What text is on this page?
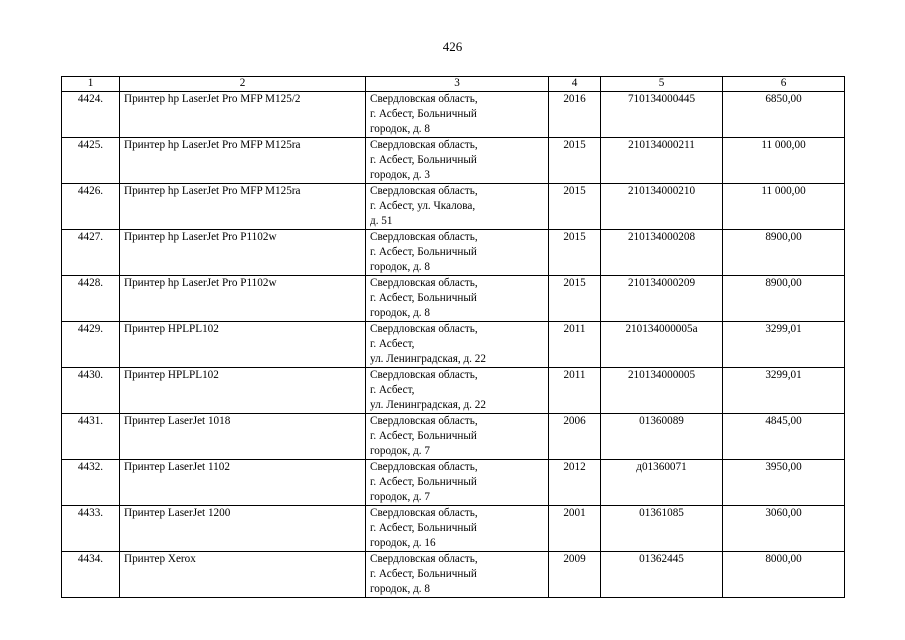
426
1	2	3	4	5	6
4424.	Принтер hp LaserJet Pro MFP M125/2	Свердловская область,
г. Асбест, Больничный
городок, д. 8	2016	710134000445	6850,00
4425.	Принтер hp LaserJet Pro MFP M125ra	Свердловская область,
г. Асбест, Больничный
городок, д. 3	2015	210134000211	11 000,00
4426.	Принтер hp LaserJet Pro MFP M125ra	Свердловская область,
г. Асбест, ул. Чкалова,
д. 51	2015	210134000210	11 000,00
4427.	Принтер hp LaserJet Pro P1102w	Свердловская область,
г. Асбест, Больничный
городок, д. 8	2015	210134000208	8900,00
4428.	Принтер hp LaserJet Pro P1102w	Свердловская область,
г. Асбест, Больничный
городок, д. 8	2015	210134000209	8900,00
4429.	Принтер HPLPL102	Свердловская область,
г. Асбест,
ул. Ленинградская, д. 22	2011	210134000005а	3299,01
4430.	Принтер HPLPL102	Свердловская область,
г. Асбест,
ул. Ленинградская, д. 22	2011	210134000005	3299,01
4431.	Принтер LaserJet 1018	Свердловская область,
г. Асбест, Больничный
городок, д. 7	2006	01360089	4845,00
4432.	Принтер LaserJet 1102	Свердловская область,
г. Асбест, Больничный
городок, д. 7	2012	д01360071	3950,00
4433.	Принтер LaserJet 1200	Свердловская область,
г. Асбест, Больничный
городок, д. 16	2001	01361085	3060,00
4434.	Принтер Xerox	Свердловская область,
г. Асбест, Больничный
городок, д. 8	2009	01362445	8000,00
